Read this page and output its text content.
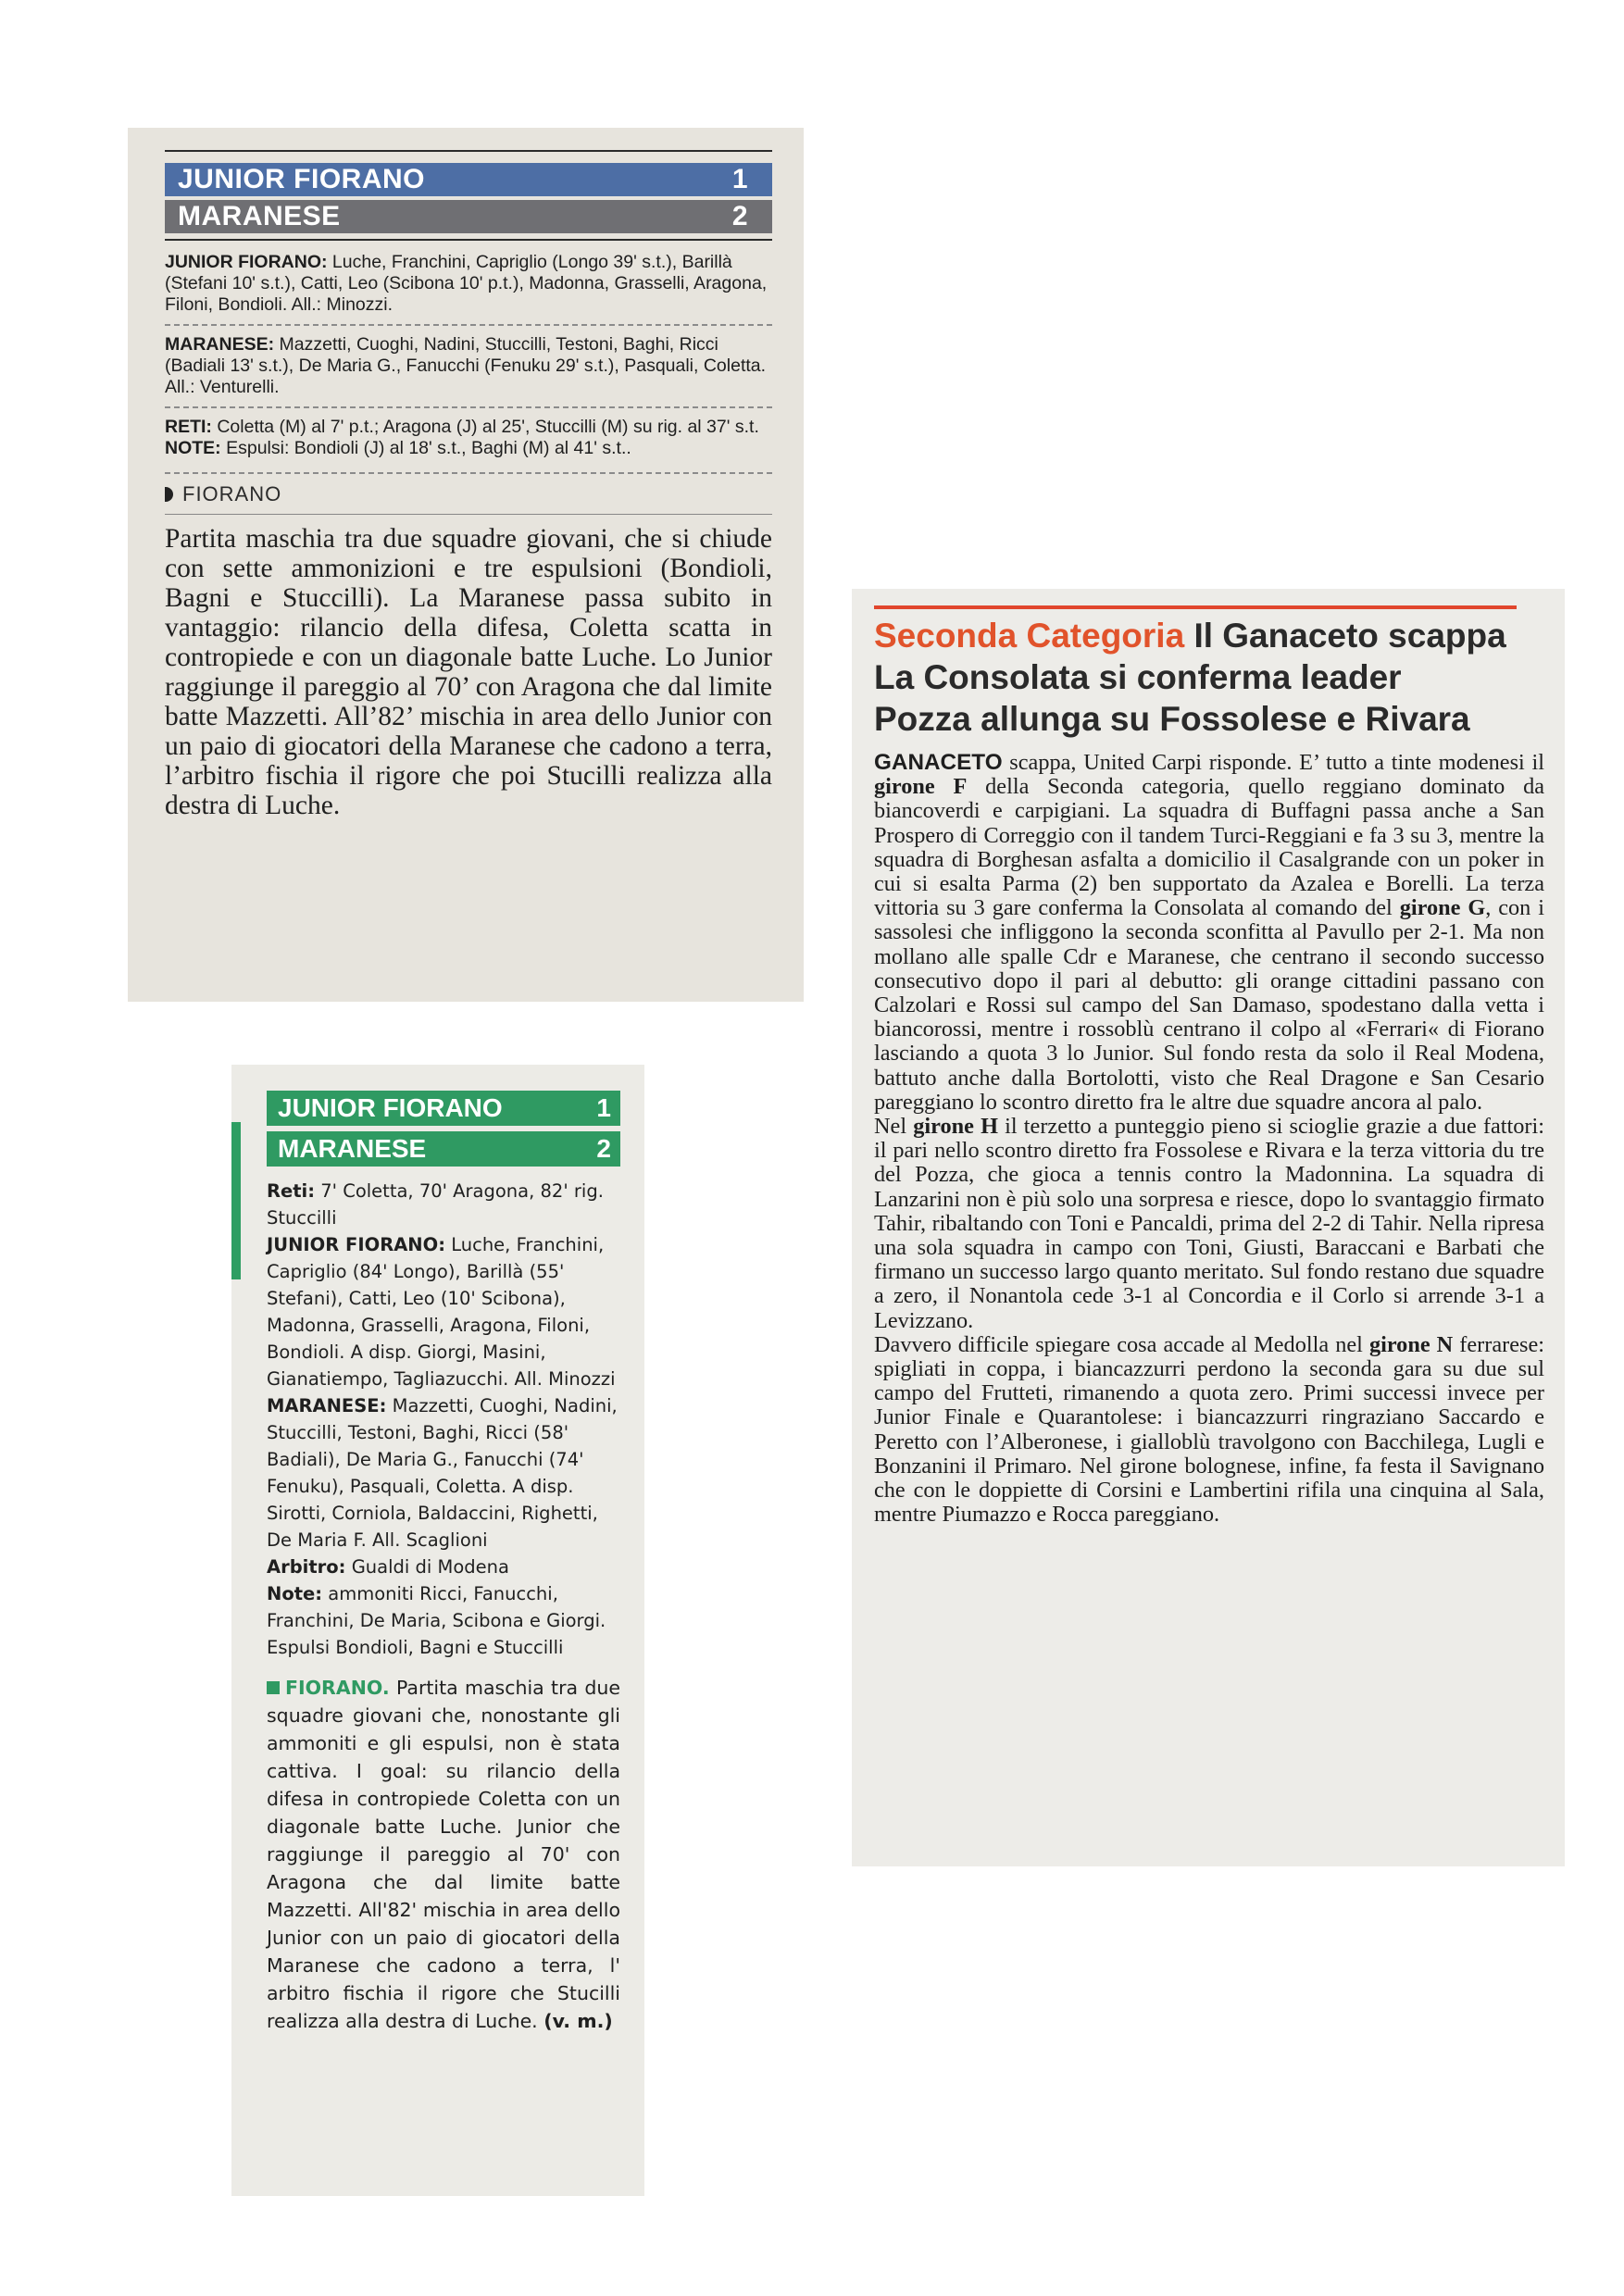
JUNIOR FIORANO	1
MARANESE	2
JUNIOR FIORANO: Luche, Franchini, Capriglio (Longo 39' s.t.), Barillà (Stefani 10' s.t.), Catti, Leo (Scibona 10' p.t.), Madonna, Grasselli, Aragona, Filoni, Bondioli. All.: Minozzi.
MARANESE: Mazzetti, Cuoghi, Nadini, Stuccilli, Testoni, Baghi, Ricci (Badiali 13' s.t.), De Maria G., Fanucchi (Fenuku 29' s.t.), Pasquali, Coletta. All.: Venturelli.
RETI: Coletta (M) al 7' p.t.; Aragona (J) al 25', Stuccilli (M) su rig. al 37' s.t.
NOTE: Espulsi: Bondioli (J) al 18' s.t., Baghi (M) al 41' s.t..
FIORANO
Partita maschia tra due squadre giovani, che si chiude con sette ammonizioni e tre espulsioni (Bondioli, Bagni e Stuccilli). La Maranese passa subito in vantaggio: rilancio della difesa, Coletta scatta in contropiede e con un diagonale batte Luche. Lo Junior raggiunge il pareggio al 70’ con Aragona che dal limite batte Mazzetti. All’82’ mischia in area dello Junior con un paio di giocatori della Maranese che cadono a terra, l’arbitro fischia il rigore che poi Stucilli realizza alla destra di Luche.
JUNIOR FIORANO	1
MARANESE	2

Reti: 7' Coletta, 70' Aragona, 82' rig. Stuccilli

JUNIOR FIORANO: Luche, Franchini, Capriglio (84' Longo), Barillà (55' Stefani), Catti, Leo (10' Scibona), Madonna, Grasselli, Aragona, Filoni, Bondioli. A disp. Giorgi, Masini, Gianatiempo, Tagliazucchi. All. Minozzi

MARANESE: Mazzetti, Cuoghi, Nadini, Stuccilli, Testoni, Baghi, Ricci (58' Badiali), De Maria G., Fanucchi (74' Fenuku), Pasquali, Coletta. A disp. Sirotti, Corniola, Baldaccini, Righetti, De Maria F. All. Scaglioni

Arbitro: Gualdi di Modena

Note: ammoniti Ricci, Fanucchi, Franchini, De Maria, Scibona e Giorgi. Espulsi Bondioli, Bagni e Stuccilli

FIORANO. Partita maschia tra due squadre giovani che, nonostante gli ammoniti e gli espulsi, non è stata cattiva. I goal: su rilancio della difesa in contropiede Coletta con un diagonale batte Luche. Junior che raggiunge il pareggio al 70' con Aragona che dal limite batte Mazzetti. All'82' mischia in area dello Junior con un paio di giocatori della Maranese che cadono a terra, l' arbitro fischia il rigore che Stucilli realizza alla destra di Luche. (v. m.)
Seconda Categoria Il Ganaceto scappa
La Consolata si conferma leader
Pozza allunga su Fossolese e Rivara

GANACETO scappa, United Carpi risponde. E’ tutto a tinte modenesi il girone F della Seconda categoria, quello reggiano dominato da biancoverdi e carpigiani. La squadra di Buffagni passa anche a San Prospero di Correggio con il tandem Turci-Reggiani e fa 3 su 3, mentre la squadra di Borghesan asfalta a domicilio il Casalgrande con un poker in cui si esalta Parma (2) ben supportato da Azalea e Borelli. La terza vittoria su 3 gare conferma la Consolata al comando del girone G, con i sassolesi che infliggono la seconda sconfitta al Pavullo per 2-1. Ma non mollano alle spalle Cdr e Maranese, che centrano il secondo successo consecutivo dopo il pari al debutto: gli orange cittadini passano con Calzolari e Rossi sul campo del San Damaso, spodestano dalla vetta i biancorossi, mentre i rossoblù centrano il colpo al «Ferrari« di Fiorano lasciando a quota 3 lo Junior. Sul fondo resta da solo il Real Modena, battuto anche dalla Bortolotti, visto che Real Dragone e San Cesario pareggiano lo scontro diretto fra le altre due squadre ancora al palo.

Nel girone H il terzetto a punteggio pieno si scioglie grazie a due fattori: il pari nello scontro diretto fra Fossolese e Rivara e la terza vittoria du tre del Pozza, che gioca a tennis contro la Madonnina. La squadra di Lanzarini non è più solo una sorpresa e riesce, dopo lo svantaggio firmato Tahir, ribaltando con Toni e Pancaldi, prima del 2-2 di Tahir. Nella ripresa una sola squadra in campo con Toni, Giusti, Baraccani e Barbati che firmano un successo largo quanto meritato. Sul fondo restano due squadre a zero, il Nonantola cede 3-1 al Concordia e il Corlo si arrende 3-1 a Levizzano.

Davvero difficile spiegare cosa accade al Medolla nel girone N ferrarese: spigliati in coppa, i biancazzurri perdono la seconda gara su due sul campo del Frutteti, rimanendo a quota zero. Primi successi invece per Junior Finale e Quarantolese: i biancazzurri ringraziano Saccardo e Peretto con l’Alberonese, i gialloblù travolgono con Bacchilega, Lugli e Bonzanini il Primaro. Nel girone bolognese, infine, fa festa il Savignano che con le doppiette di Corsini e Lambertini rifila una cinquina al Sala, mentre Piumazzo e Rocca pareggiano.
